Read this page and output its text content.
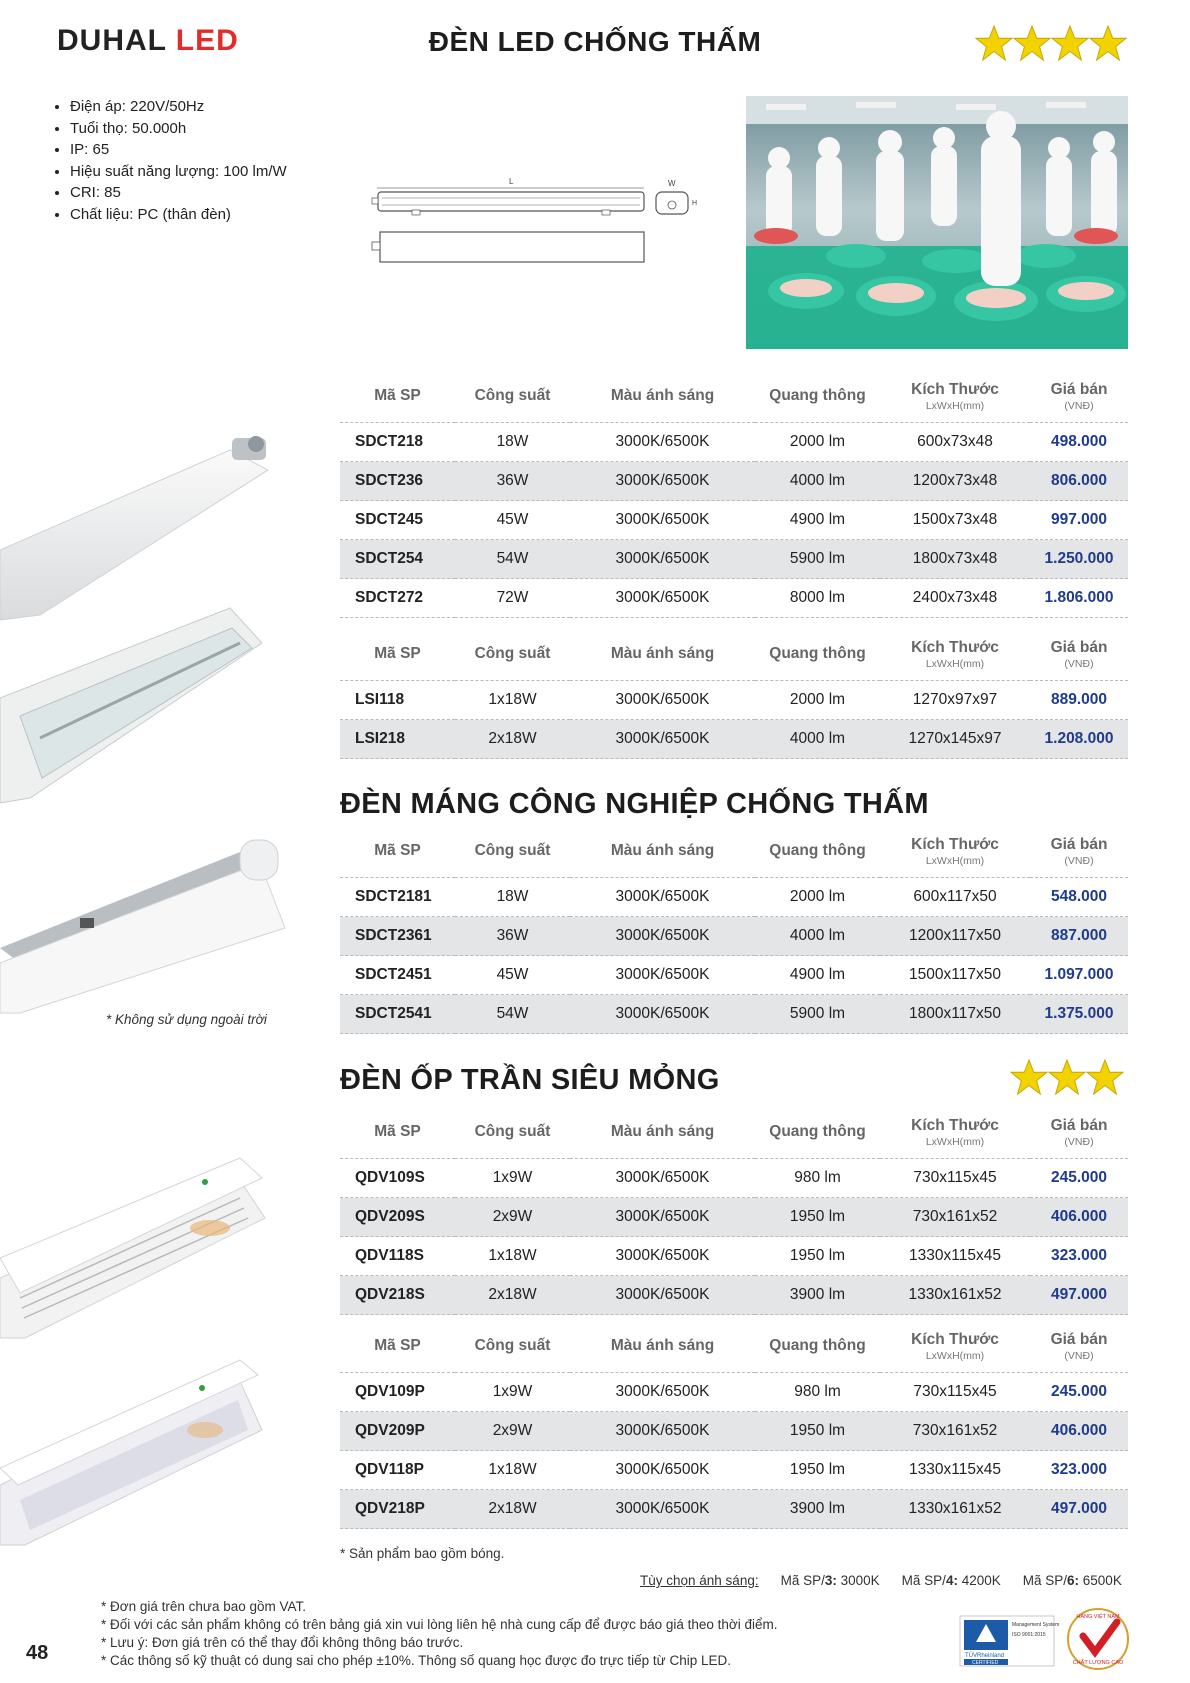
DUHAL LED	ĐÈN LED CHỐNG THẤM
• Điện áp: 220V/50Hz
• Tuổi thọ: 50.000h
• IP: 65
• Hiệu suất năng lượng: 100 lm/W
• CRI: 85
• Chất liệu: PC (thân đèn)
L	W
H
Mã SP	Công suất	Màu ánh sáng	Quang thông	Kích Thước
LxWxH(mm)	Giá bán
(VNĐ)

SDCT218	18W	3000K/6500K	2000 lm	600x73x48	498.000
SDCT236	36W	3000K/6500K	4000 lm	1200x73x48	806.000
SDCT245	45W	3000K/6500K	4900 lm	1500x73x48	997.000
SDCT254	54W	3000K/6500K	5900 lm	1800x73x48	1.250.000
SDCT272	72W	3000K/6500K	8000 lm	2400x73x48	1.806.000
Mã SP	Công suất	Màu ánh sáng	Quang thông	Kích Thước
LxWxH(mm)	Giá bán
(VNĐ)

LSI118	1x18W	3000K/6500K	2000 lm	1270x97x97	889.000
LSI218	2x18W	3000K/6500K	4000 lm	1270x145x97	1.208.000
ĐÈN MÁNG CÔNG NGHIỆP CHỐNG THẤM
Mã SP	Công suất	Màu ánh sáng	Quang thông	Kích Thước
LxWxH(mm)	Giá bán
(VNĐ)

SDCT2181	18W	3000K/6500K	2000 lm	600x117x50	548.000
SDCT2361	36W	3000K/6500K	4000 lm	1200x117x50	887.000
SDCT2451	45W	3000K/6500K	4900 lm	1500x117x50	1.097.000
SDCT2541	54W	3000K/6500K	5900 lm	1800x117x50	1.375.000
* Không sử dụng ngoài trời
ĐÈN ỐP TRẦN SIÊU MỎNG
Mã SP	Công suất	Màu ánh sáng	Quang thông	Kích Thước
LxWxH(mm)	Giá bán
(VNĐ)

QDV109S	1x9W	3000K/6500K	980 lm	730x115x45	245.000
QDV209S	2x9W	3000K/6500K	1950 lm	730x161x52	406.000
QDV118S	1x18W	3000K/6500K	1950 lm	1330x115x45	323.000
QDV218S	2x18W	3000K/6500K	3900 lm	1330x161x52	497.000
Mã SP	Công suất	Màu ánh sáng	Quang thông	Kích Thước
LxWxH(mm)	Giá bán
(VNĐ)

QDV109P	1x9W	3000K/6500K	980 lm	730x115x45	245.000
QDV209P	2x9W	3000K/6500K	1950 lm	730x161x52	406.000
QDV118P	1x18W	3000K/6500K	1950 lm	1330x115x45	323.000
QDV218P	2x18W	3000K/6500K	3900 lm	1330x161x52	497.000
* Sản phẩm bao gồm bóng.
Tùy chọn ánh sáng: Mã SP/3: 3000K Mã SP/4: 4200K Mã SP/6: 6500K
* Đơn giá trên chưa bao gồm VAT.
* Đối với các sản phẩm không có trên bảng giá xin vui lòng liên hệ nhà cung cấp để được báo giá theo thời điểm.
* Lưu ý: Đơn giá trên có thể thay đổi không thông báo trước.
* Các thông số kỹ thuật có dung sai cho phép ±10%. Thông số quang học được đo trực tiếp từ Chip LED.
48	TÜVRheinland
CERTIFIED
Management System
ISO 9001:2015
HÀNG VIỆT NAM
CHẤT LƯỢNG CAO
